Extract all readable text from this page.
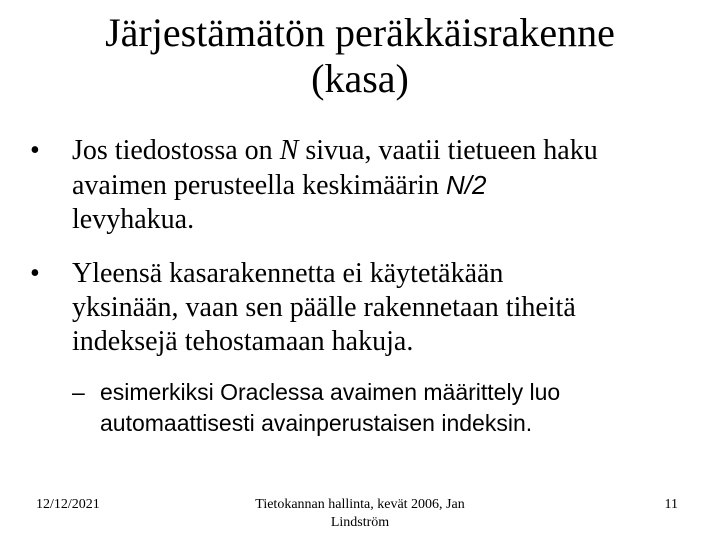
Järjestämätön peräkkäisrakenne
(kasa)
• Jos tiedostossa on N sivua, vaatii tietueen haku
avaimen perusteella keskimäärin N/2
levyhakua.
• Yleensä kasarakennetta ei käytetäkään
yksinään, vaan sen päälle rakennetaan tiheitä
indeksejä tehostamaan hakuja.
– esimerkiksi Oraclessa avaimen määrittely luo
automaattisesti avainperustaisen indeksin.
12/12/2021	Tietokannan hallinta, kevät 2006, Jan
Lindström
11
